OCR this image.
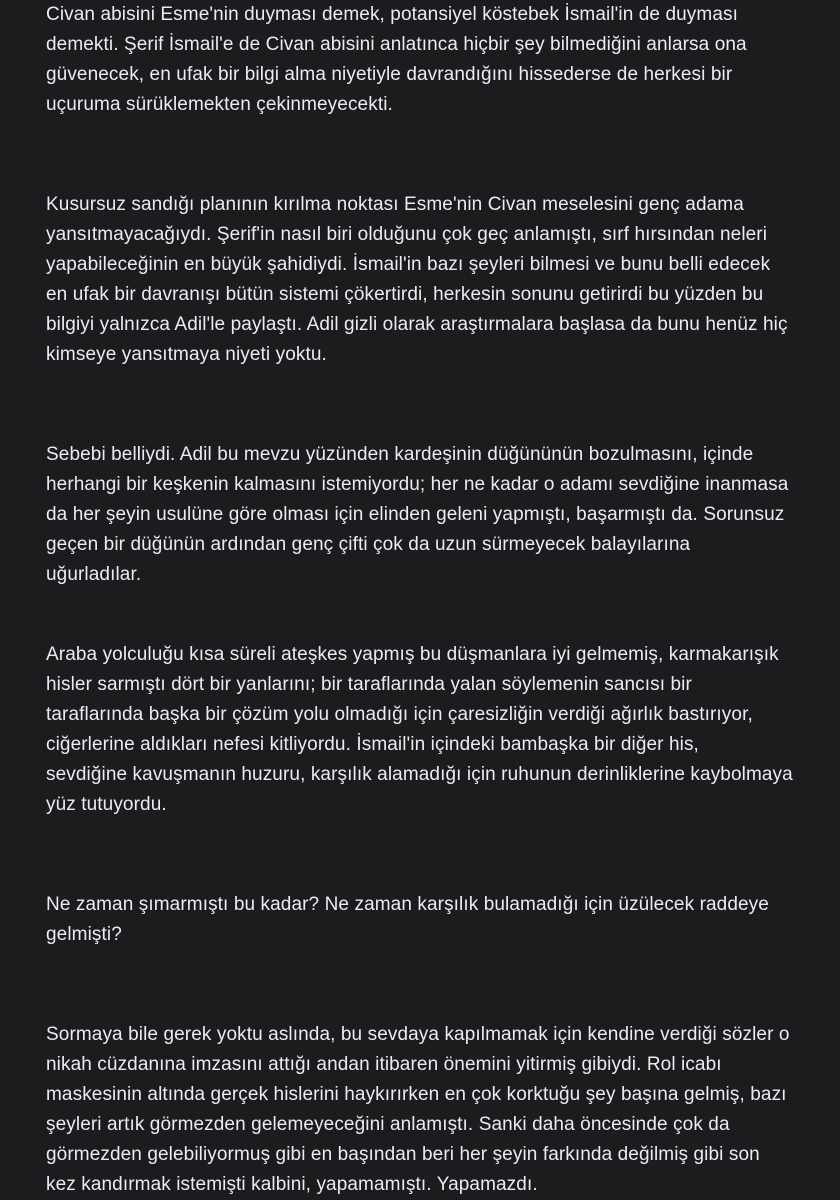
Civan abisini Esme'nin duyması demek, potansiyel köstebek İsmail'in de duyması
demekti. Şerif İsmail'e de Civan abisini anlatınca hiçbir şey bilmediğini anlarsa ona
güvenecek, en ufak bir bilgi alma niyetiyle davrandığını hissederse de herkesi bir
uçuruma sürüklemekten çekinmeyecekti.

Kusursuz sandığı planının kırılma noktası Esme'nin Civan meselesini genç adama
yansıtmayacağıydı. Şerif'in nasıl biri olduğunu çok geç anlamıştı, sırf hırsından neleri
yapabileceğinin en büyük şahidiydi. İsmail'in bazı şeyleri bilmesi ve bunu belli edecek
en ufak bir davranışı bütün sistemi çökertirdi, herkesin sonunu getirirdi bu yüzden bu
bilgiyi yalnızca Adil'le paylaştı. Adil gizli olarak araştırmalara başlasa da bunu henüz hiç
kimseye yansıtmaya niyeti yoktu.

Sebebi belliydi. Adil bu mevzu yüzünden kardeşinin düğününün bozulmasını, içinde
herhangi bir keşkenin kalmasını istemiyordu; her ne kadar o adamı sevdiğine inanmasa
da her şeyin usulüne göre olması için elinden geleni yapmıştı, başarmıştı da. Sorunsuz
geçen bir düğünün ardından genç çifti çok da uzun sürmeyecek balayılarına
uğurladılar.

Araba yolculuğu kısa süreli ateşkes yapmış bu düşmanlara iyi gelmemiş, karmakarışık
hisler sarmıştı dört bir yanlarını; bir taraflarında yalan söylemenin sancısı bir
taraflarında başka bir çözüm yolu olmadığı için çaresizliğin verdiği ağırlık bastırıyor,
ciğerlerine aldıkları nefesi kitliyordu. İsmail'in içindeki bambaşka bir diğer his,
sevdiğine kavuşmanın huzuru, karşılık alamadığı için ruhunun derinliklerine kaybolmaya
yüz tutuyordu.

Ne zaman şımarmıştı bu kadar? Ne zaman karşılık bulamadığı için üzülecek raddeye
gelmişti?

Sormaya bile gerek yoktu aslında, bu sevdaya kapılmamak için kendine verdiği sözler o
nikah cüzdanına imzasını attığı andan itibaren önemini yitirmiş gibiydi. Rol icabı
maskesinin altında gerçek hislerini haykırırken en çok korktuğu şey başına gelmiş, bazı
şeyleri artık görmezden gelemeyeceğini anlamıştı. Sanki daha öncesinde çok da
görmezden gelebiliyormuş gibi en başından beri her şeyin farkında değilmiş gibi son
kez kandırmak istemişti kalbini, yapamamıştı. Yapamazdı.
